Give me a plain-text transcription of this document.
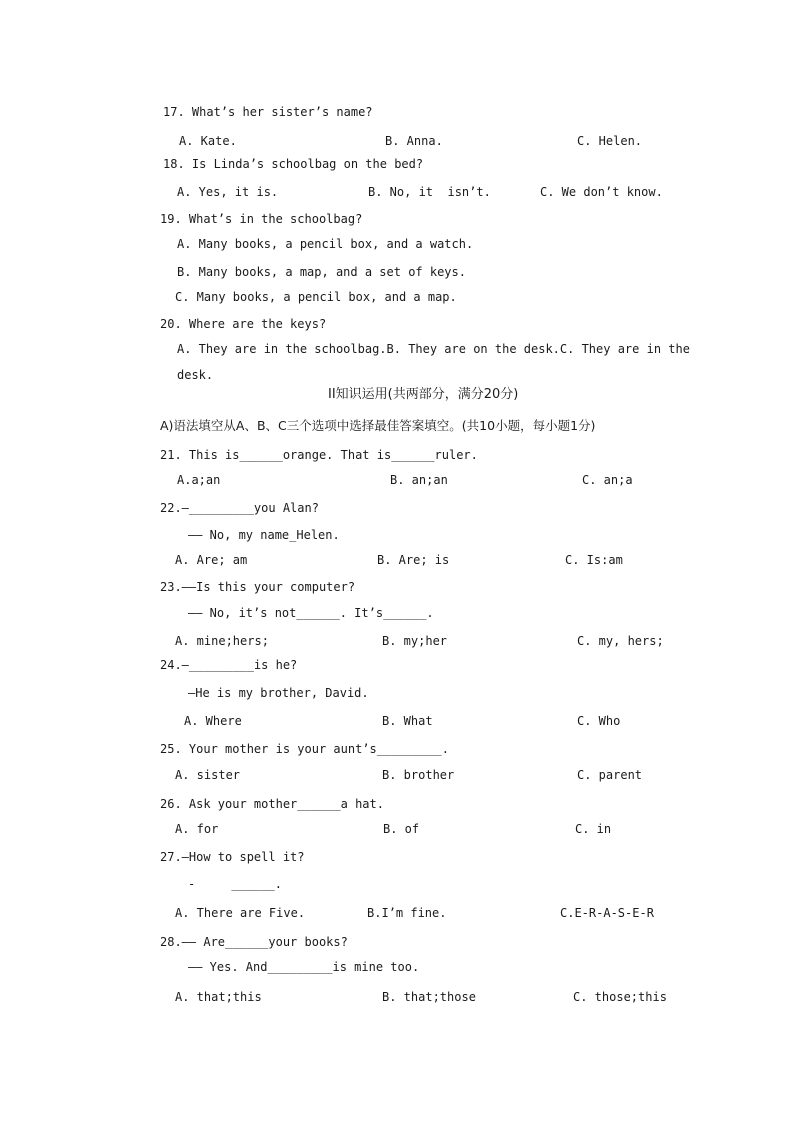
17. What’s her sister’s name?
A. Kate.	B. Anna.	C. Helen.
18. Is Linda’s schoolbag on the bed?
A. Yes, it is.	B. No, it  isn’t.	C. We don’t know.
19. What’s in the schoolbag?
A. Many books, a pencil box, and a watch.
B. Many books, a map, and a set of keys.
C. Many books, a pencil box, and a map.
20. Where are the keys?
A. They are in the schoolbag.B. They are on the desk.C. They are in the
desk.
II知识运用(共两部分，满分20分)
A)语法填空从A、B、C三个选项中选择最佳答案填空。(共10小题，每小题1分)
21. This is______orange. That is______ruler.
A.a;an	B. an;an	C. an;a
22.—_________you Alan?
—— No, my name_Helen.
A. Are; am	B. Are; is	C. Is:am
23.——Is this your computer?
—— No, it’s not______. It’s______.
A. mine;hers;	B. my;her	C. my, hers;
24.—_________is he?
—He is my brother, David.
A. Where	B. What	C. Who
25. Your mother is your aunt’s_________.
A. sister	B. brother	C. parent
26. Ask your mother______a hat.
A. for	B. of	C. in
27.—How to spell it?
-     ______.
A. There are Five.	B.I’m fine.	C.E-R-A-S-E-R
28.—— Are______your books?
—— Yes. And_________is mine too.
A. that;this	B. that;those	C. those;this
